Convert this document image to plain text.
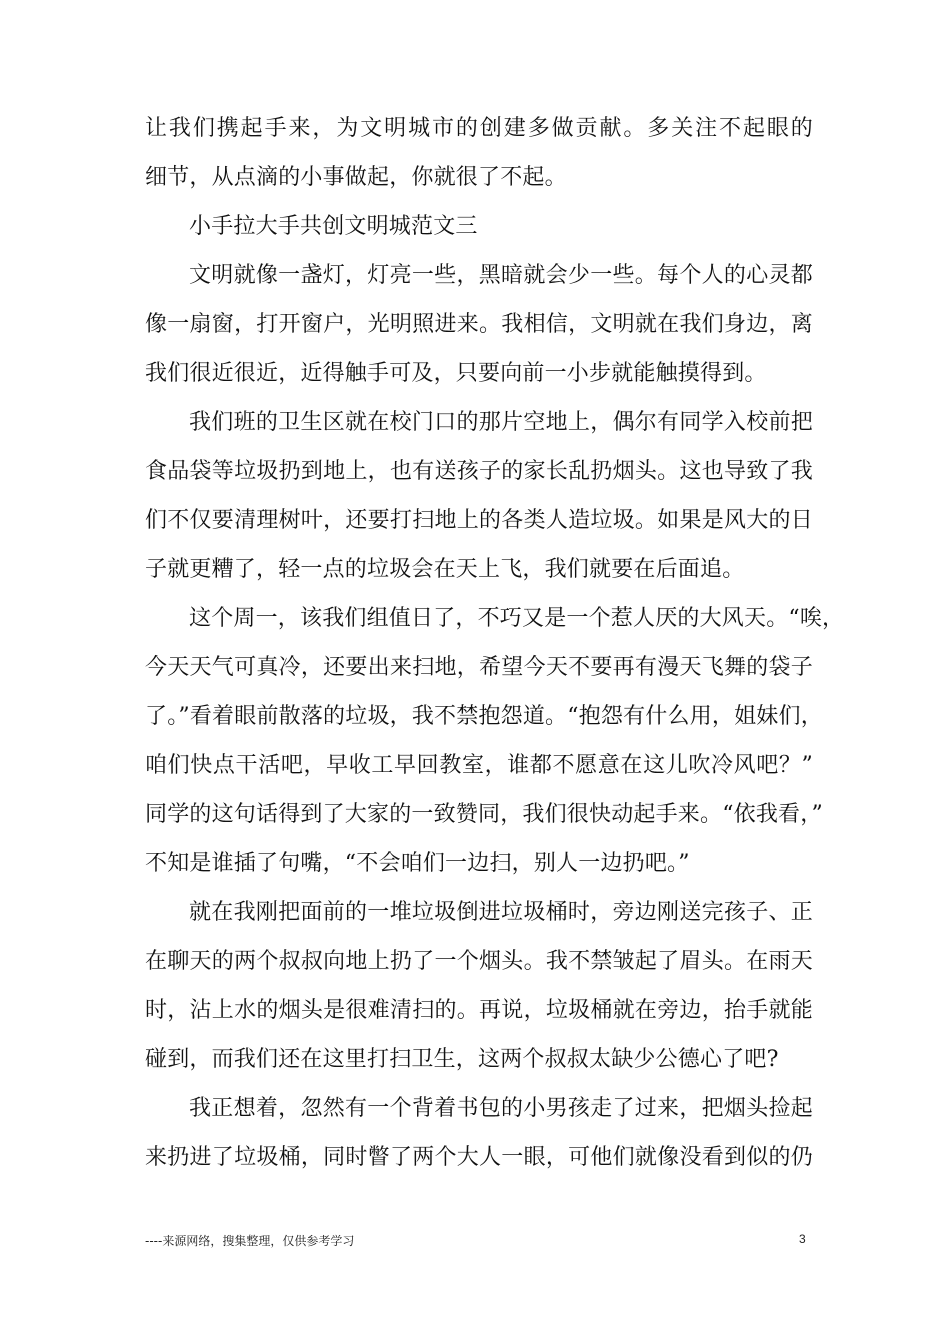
让我们携起手来，为文明城市的创建多做贡献。多关注不起眼的
细节，从点滴的小事做起，你就很了不起。
小手拉大手共创文明城范文三
文明就像一盏灯，灯亮一些，黑暗就会少一些。每个人的心灵都
像一扇窗，打开窗户，光明照进来。我相信，文明就在我们身边，离
我们很近很近，近得触手可及，只要向前一小步就能触摸得到。
我们班的卫生区就在校门口的那片空地上，偶尔有同学入校前把
食品袋等垃圾扔到地上，也有送孩子的家长乱扔烟头。这也导致了我
们不仅要清理树叶，还要打扫地上的各类人造垃圾。如果是风大的日
子就更糟了，轻一点的垃圾会在天上飞，我们就要在后面追。
这个周一，该我们组值日了，不巧又是一个惹人厌的大风天。“唉，
今天天气可真冷，还要出来扫地，希望今天不要再有漫天飞舞的袋子
了。”看着眼前散落的垃圾，我不禁抱怨道。“抱怨有什么用，姐妹们，
咱们快点干活吧，早收工早回教室，谁都不愿意在这儿吹冷风吧？”
同学的这句话得到了大家的一致赞同，我们很快动起手来。“依我看，”
不知是谁插了句嘴，“不会咱们一边扫，别人一边扔吧。”
就在我刚把面前的一堆垃圾倒进垃圾桶时，旁边刚送完孩子、正
在聊天的两个叔叔向地上扔了一个烟头。我不禁皱起了眉头。在雨天
时，沾上水的烟头是很难清扫的。再说，垃圾桶就在旁边，抬手就能
碰到，而我们还在这里打扫卫生，这两个叔叔太缺少公德心了吧?
我正想着，忽然有一个背着书包的小男孩走了过来，把烟头捡起
来扔进了垃圾桶，同时瞥了两个大人一眼，可他们就像没看到似的仍
----来源网络，搜集整理，仅供参考学习	3
